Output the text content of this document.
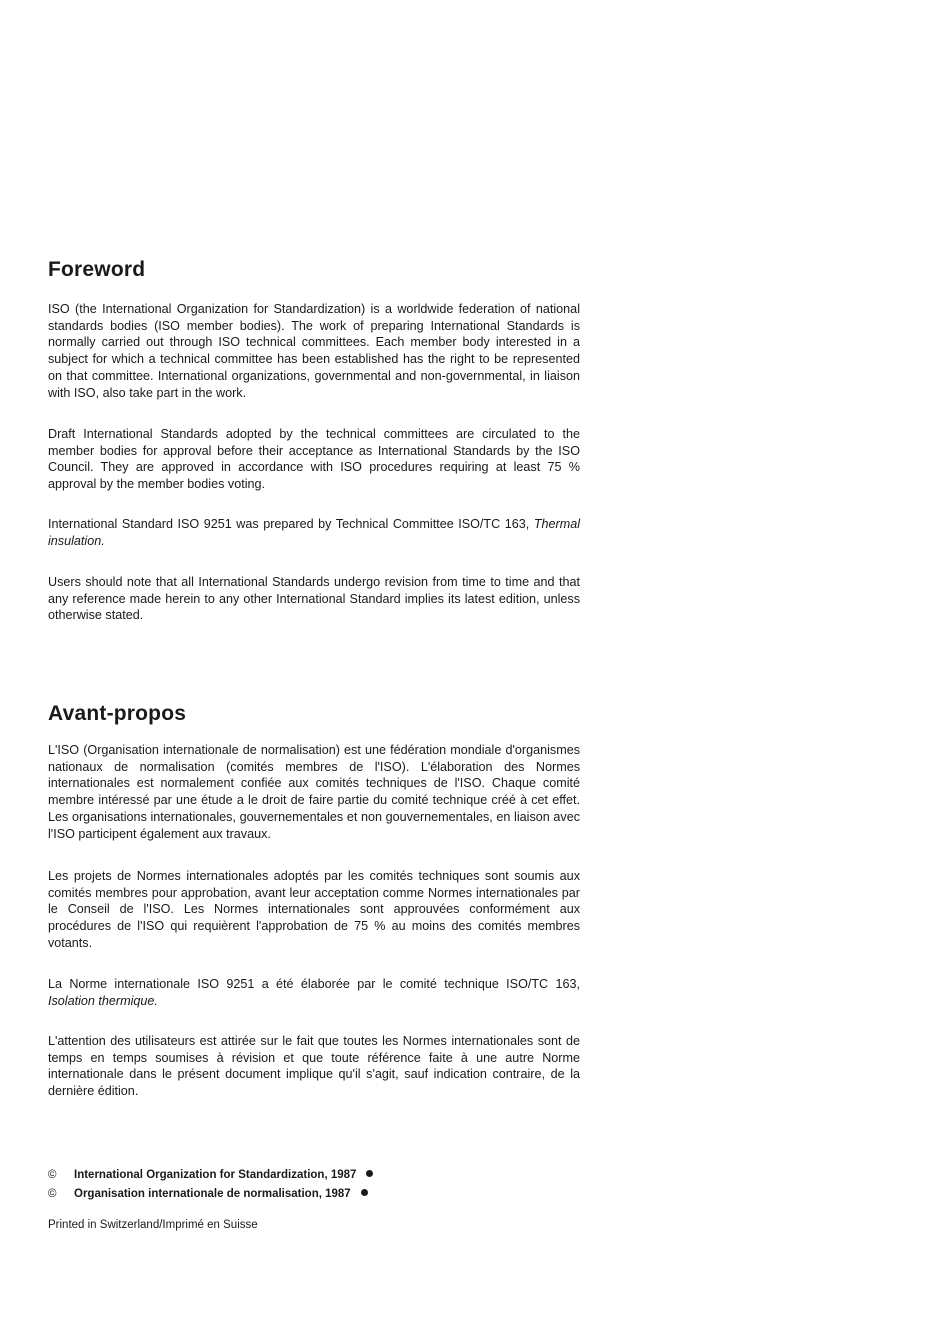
Foreword

ISO (the International Organization for Standardization) is a worldwide federation of national standards bodies (ISO member bodies). The work of preparing International Standards is normally carried out through ISO technical committees. Each member body interested in a subject for which a technical committee has been established has the right to be represented on that committee. International organizations, governmental and non-governmental, in liaison with ISO, also take part in the work.

Draft International Standards adopted by the technical committees are circulated to the member bodies for approval before their acceptance as International Standards by the ISO Council. They are approved in accordance with ISO procedures requiring at least 75 % approval by the member bodies voting.

International Standard ISO 9251 was prepared by Technical Committee ISO/TC 163, Thermal insulation.

Users should note that all International Standards undergo revision from time to time and that any reference made herein to any other International Standard implies its latest edition, unless otherwise stated.

Avant-propos

L'ISO (Organisation internationale de normalisation) est une fédération mondiale d'organismes nationaux de normalisation (comités membres de l'ISO). L'élaboration des Normes internationales est normalement confiée aux comités techniques de l'ISO. Chaque comité membre intéressé par une étude a le droit de faire partie du comité technique créé à cet effet. Les organisations internationales, gouvernementales et non gouvernementales, en liaison avec l'ISO participent également aux travaux.

Les projets de Normes internationales adoptés par les comités techniques sont soumis aux comités membres pour approbation, avant leur acceptation comme Normes internationales par le Conseil de l'ISO. Les Normes internationales sont approuvées conformément aux procédures de l'ISO qui requièrent l'approbation de 75 % au moins des comités membres votants.

La Norme internationale ISO 9251 a été élaborée par le comité technique ISO/TC 163, Isolation thermique.

L'attention des utilisateurs est attirée sur le fait que toutes les Normes internationales sont de temps en temps soumises à révision et que toute référence faite à une autre Norme internationale dans le présent document implique qu'il s'agit, sauf indication contraire, de la dernière édition.

© International Organization for Standardization, 1987
© Organisation internationale de normalisation, 1987
Printed in Switzerland/Imprimé en Suisse
